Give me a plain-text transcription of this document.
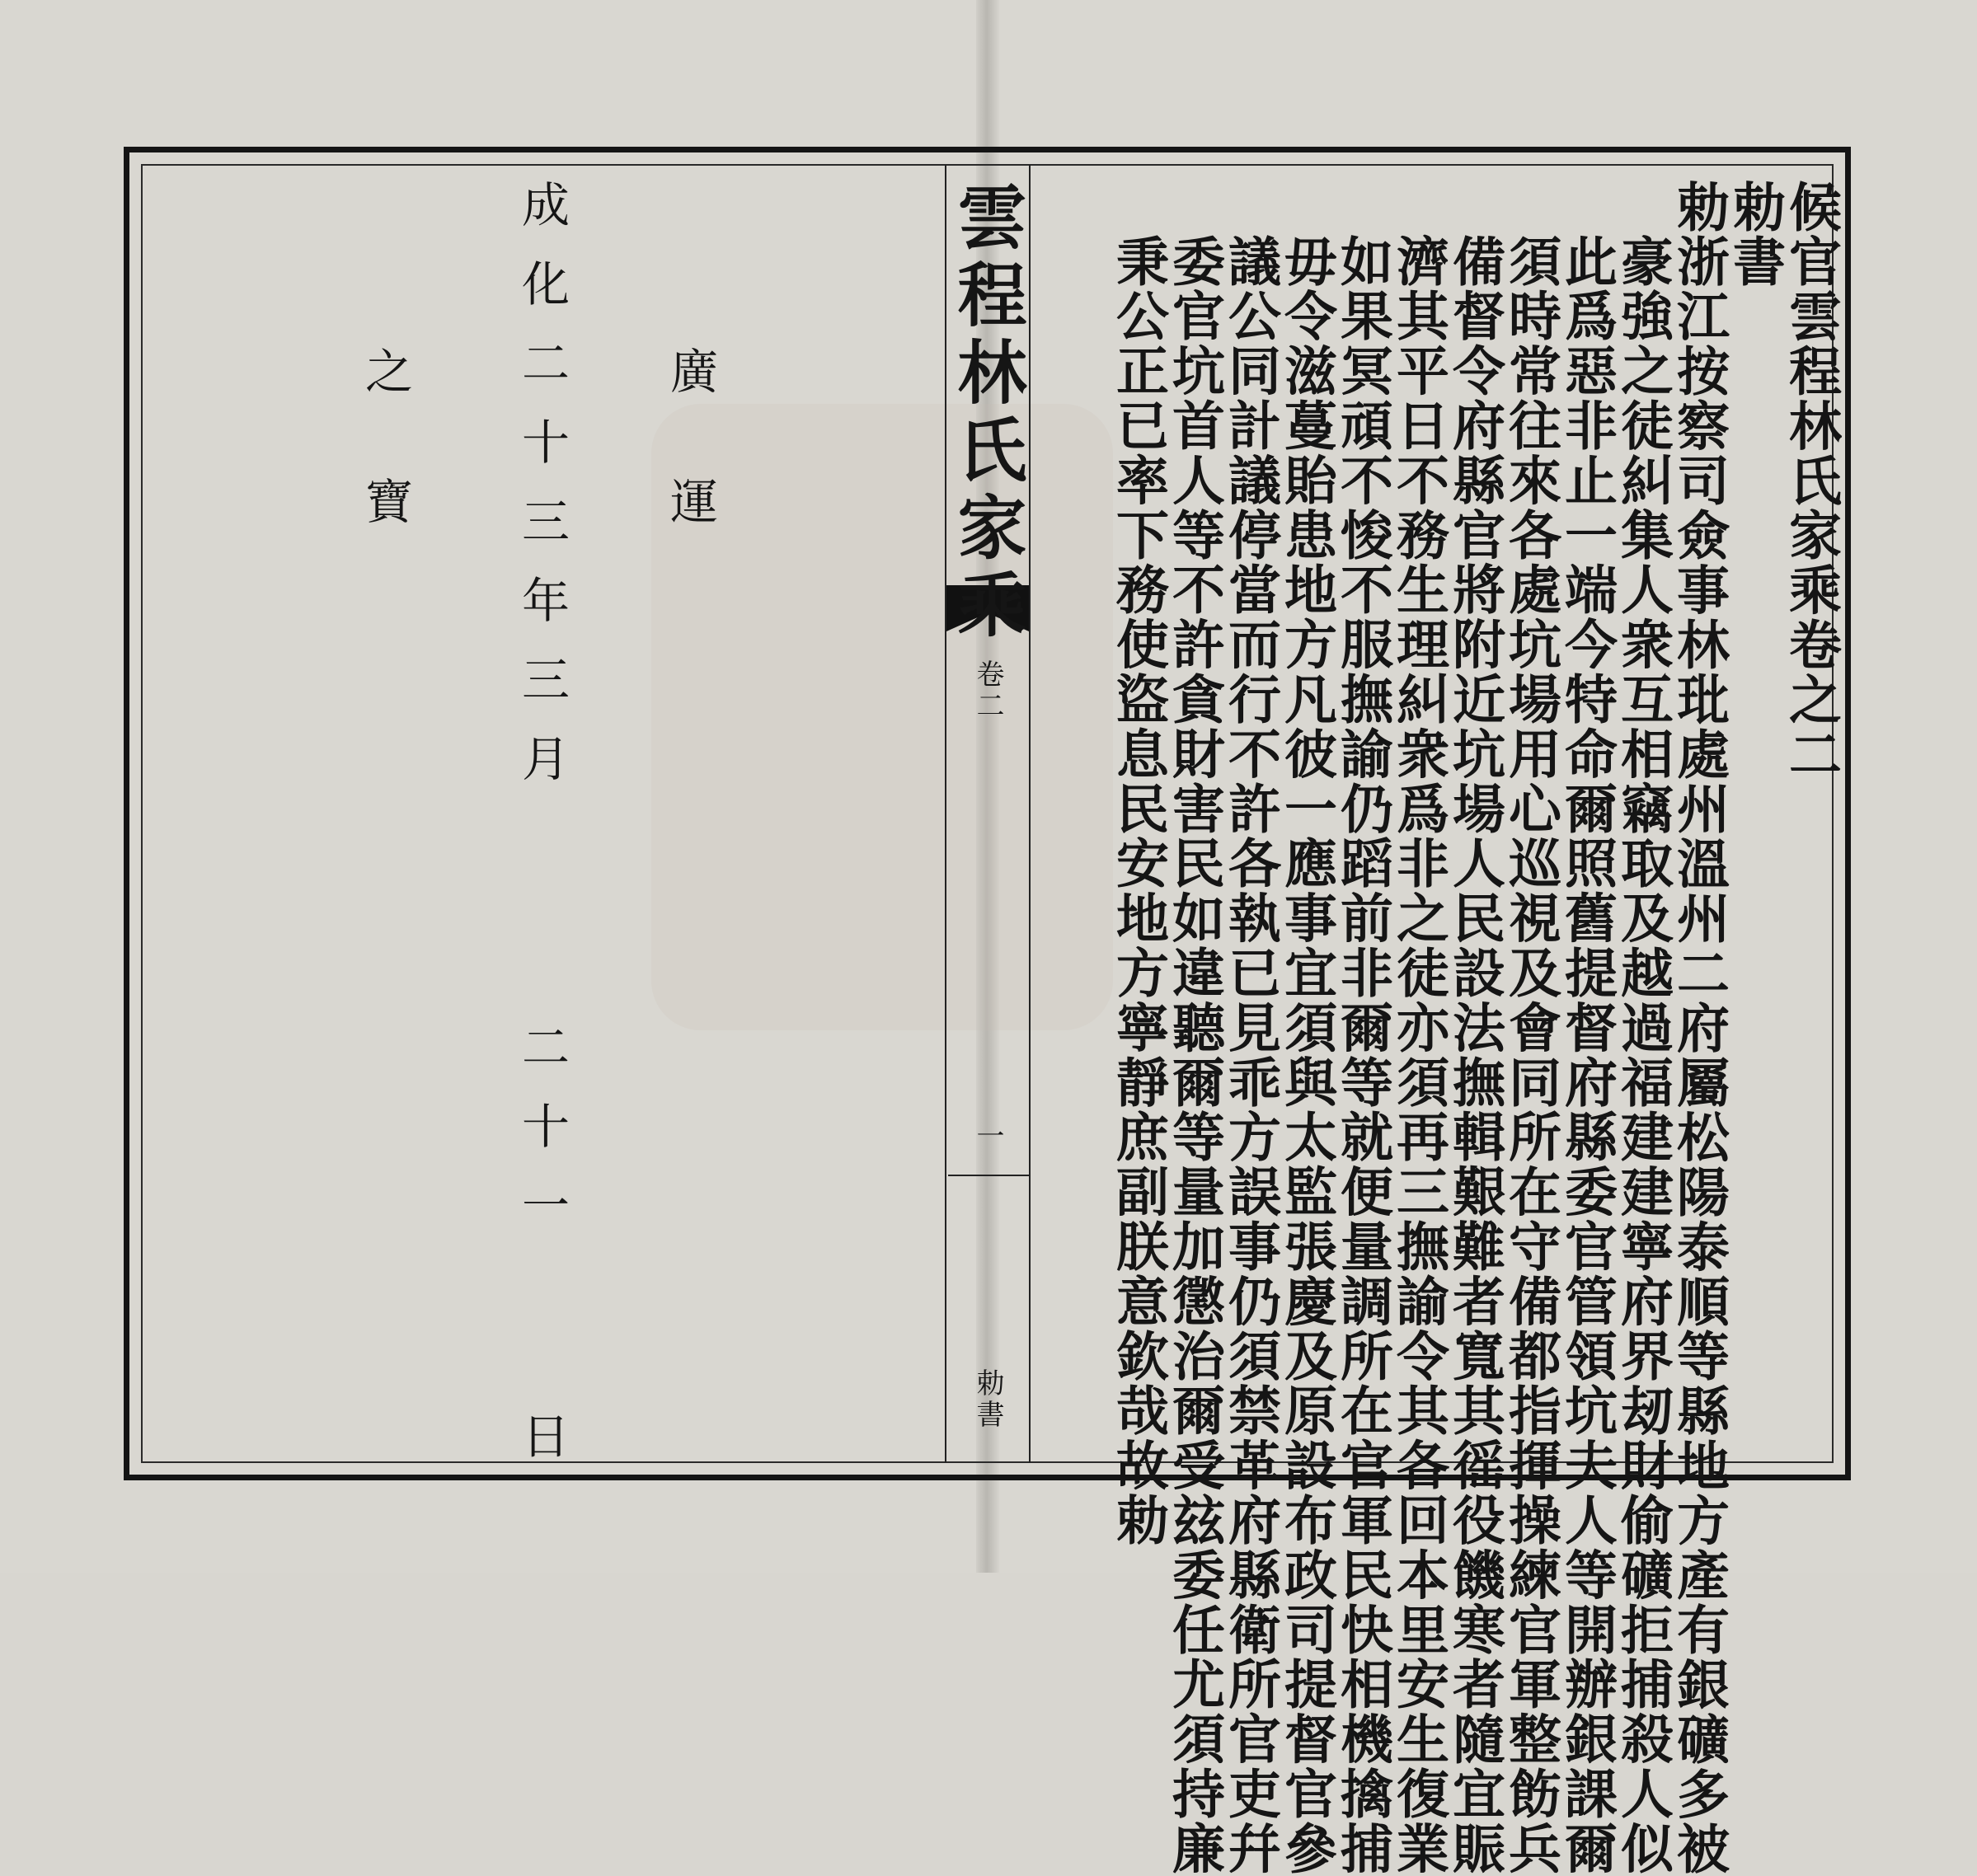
雲程林氏家乘
卷二
一
勅書
候官雲程林氏家乘卷之二
勅書
勅浙江按察司僉事林玭處州溫州二府屬松陽泰順等縣地方產有銀礦多被
豪強之徒糾集人衆互相竊取及越過福建建寧府界刼財偷礦拒捕殺人似
此爲惡非止一端今特命爾照舊提督府縣委官管領坑夫人等開辦銀課爾
須時常往來各處坑場用心巡視及會同所在守備都指揮操練官軍整飭兵
備督令府縣官將附近坑場人民設法撫輯艱難者寬其徭役饑寒者隨宜賑
濟其平日不務生理糾衆爲非之徒亦須再三撫諭令其各回本里安生復業
如果冥頑不悛不服撫諭仍蹈前非爾等就便量調所在官軍民快相機擒捕
毋令滋蔓貽患地方凡彼一應事宜須與太監張慶及原設布政司提督官參
議公同計議停當而行不許各執已見乖方誤事仍須禁革府縣衛所官吏幷
委官坑首人等不許貪財害民如違聽爾等量加懲治爾受玆委任尤須持廉
秉公正已率下務使盜息民安地方寧靜庶副朕意欽哉故勅
成化二十三年三月
二十一
日
廣運
之寶
